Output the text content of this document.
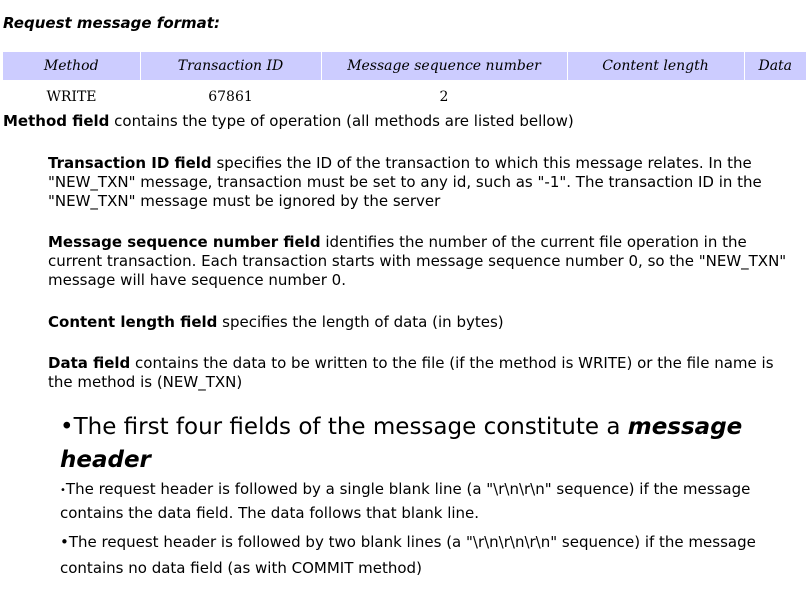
Request message format:

Method	Transaction ID	Message sequence number	Content length	Data
WRITE	67861	2		

Method field contains the type of operation (all methods are listed bellow)

Transaction ID field specifies the ID of the transaction to which this message relates. In the "NEW_TXN" message, transaction must be set to any id, such as "-1". The transaction ID in the "NEW_TXN" message must be ignored by the server

Message sequence number field identifies the number of the current file operation in the current transaction. Each transaction starts with message sequence number 0, so the "NEW_TXN" message will have sequence number 0.

Content length field specifies the length of data (in bytes)

Data field contains the data to be written to the file (if the method is WRITE) or the file name is the method is (NEW_TXN)

•The first four fields of the message constitute a message header

•The request header is followed by a single blank line (a "\r\n\r\n" sequence) if the message contains the data field. The data follows that blank line.

•The request header is followed by two blank lines (a "\r\n\r\n\r\n" sequence) if the message contains no data field (as with COMMIT method)
